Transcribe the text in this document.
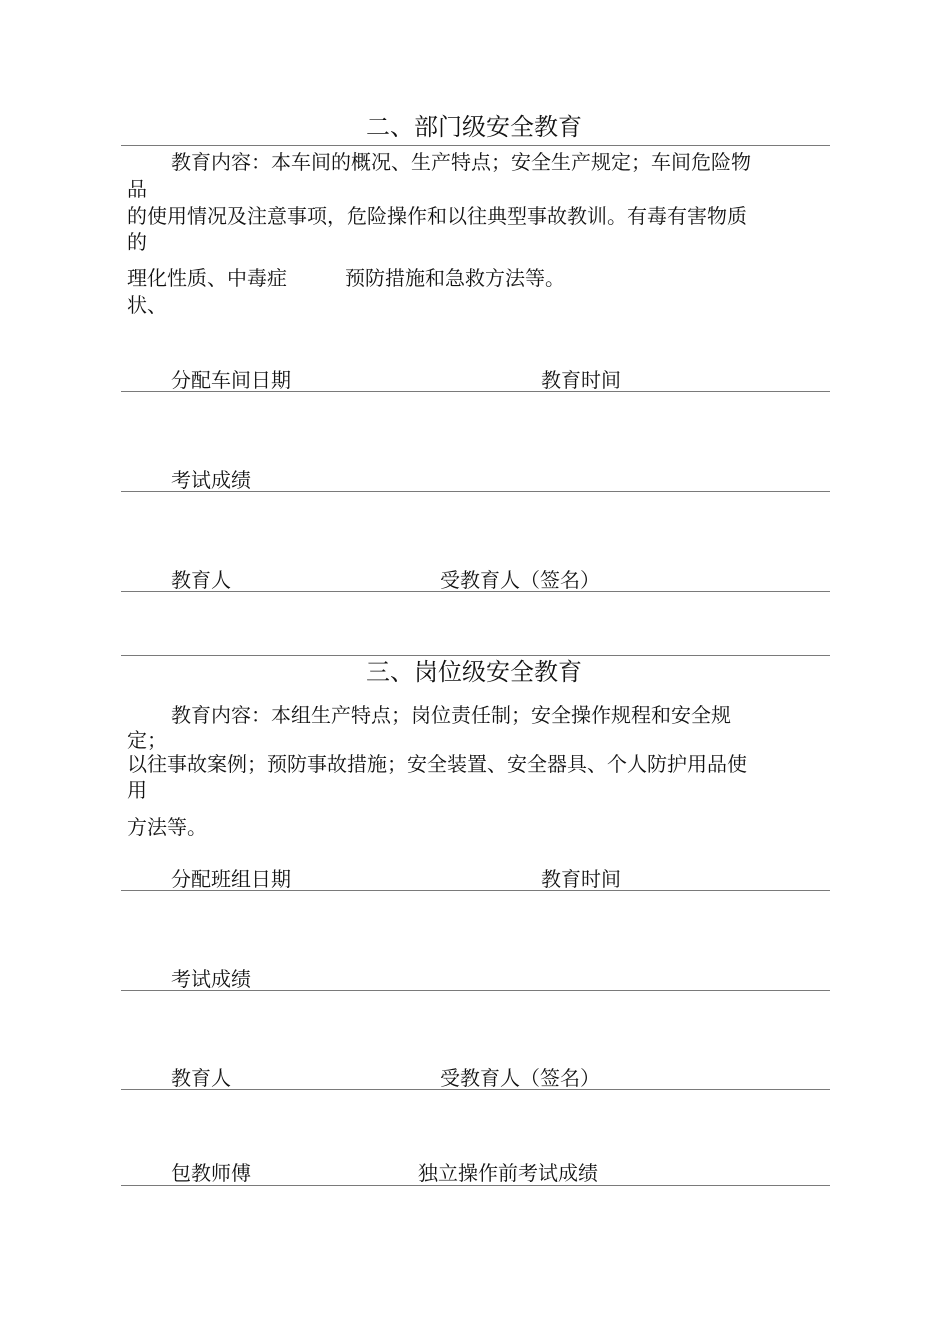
二、部门级安全教育
教育内容：本车间的概况、生产特点；安全生产规定；车间危险物
品
的使用情况及注意事项，危险操作和以往典型事故教训。有毒有害物质
的
理化性质、中毒症
状、
预防措施和急救方法等。
分配车间日期	教育时间
考试成绩
教育人	受教育人（签名）
三、岗位级安全教育
教育内容：本组生产特点；岗位责任制；安全操作规程和安全规
定；
以往事故案例；预防事故措施；安全装置、安全器具、个人防护用品使
用
方法等。
分配班组日期	教育时间
考试成绩
教育人	受教育人（签名）
包教师傅	独立操作前考试成绩
